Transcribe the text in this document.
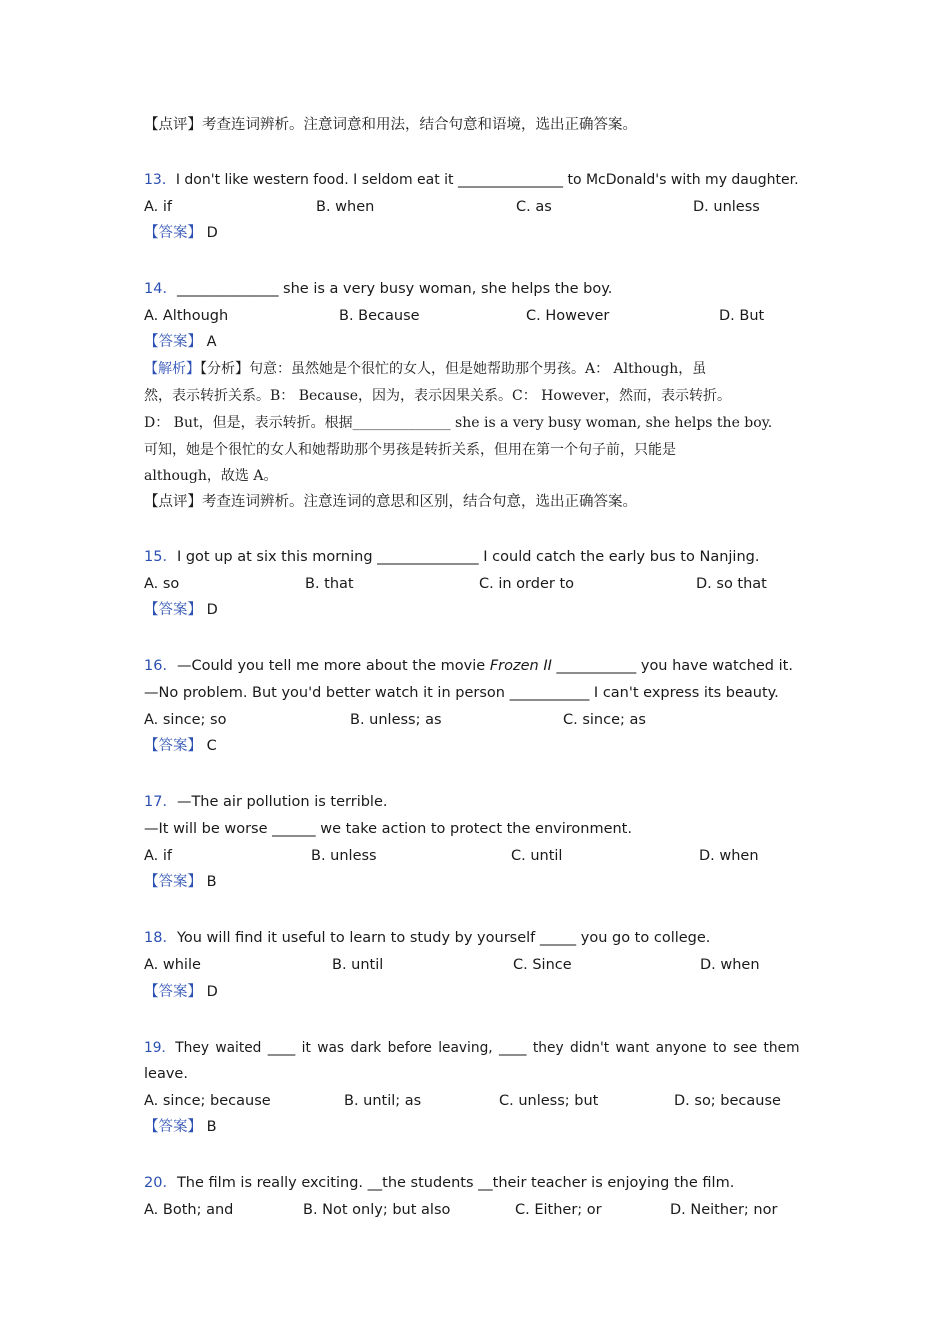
【点评】考查连词辨析。注意词意和用法，结合句意和语境，选出正确答案。
13．I don't like western food. I seldom eat it _______________ to McDonald's with my daughter.
A. if	B. when	C. as	D. unless
【答案】 D
14．______________ she is a very busy woman, she helps the boy.
A. Although	B. Because	C. However	D. But
【答案】 A
【解析】【分析】句意：虽然她是个很忙的女人，但是她帮助那个男孩。A： Although，虽
然，表示转折关系。B： Because，因为，表示因果关系。C： However，然而，表示转折。
D： But，但是，表示转折。根据______________ she is a very busy woman, she helps the boy.
可知，她是个很忙的女人和她帮助那个男孩是转折关系，但用在第一个句子前，只能是
although，故选 A。
【点评】考查连词辨析。注意连词的意思和区别，结合句意，选出正确答案。
15．I got up at six this morning ______________ I could catch the early bus to Nanjing.
A. so	B. that	C. in order to	D. so that
【答案】 D
16．—Could you tell me more about the movie Frozen II ___________ you have watched it.
—No problem. But you'd better watch it in person ___________ I can't express its beauty.
A. since; so	B. unless; as	C. since; as
【答案】 C
17．—The air pollution is terrible.
—It will be worse ______ we take action to protect the environment.
A. if	B. unless	C. until	D. when
【答案】 B
18．You will find it useful to learn to study by yourself _____ you go to college.
A. while	B. until	C. Since	D. when
【答案】 D
19．They waited ____ it was dark before leaving, ____ they didn't want anyone to see them
leave.
A. since; because	B. until; as	C. unless; but	D. so; because
【答案】 B
20．The film is really exciting. __the students __their teacher is enjoying the film.
A. Both; and	B. Not only; but also	C. Either; or	D. Neither; nor
